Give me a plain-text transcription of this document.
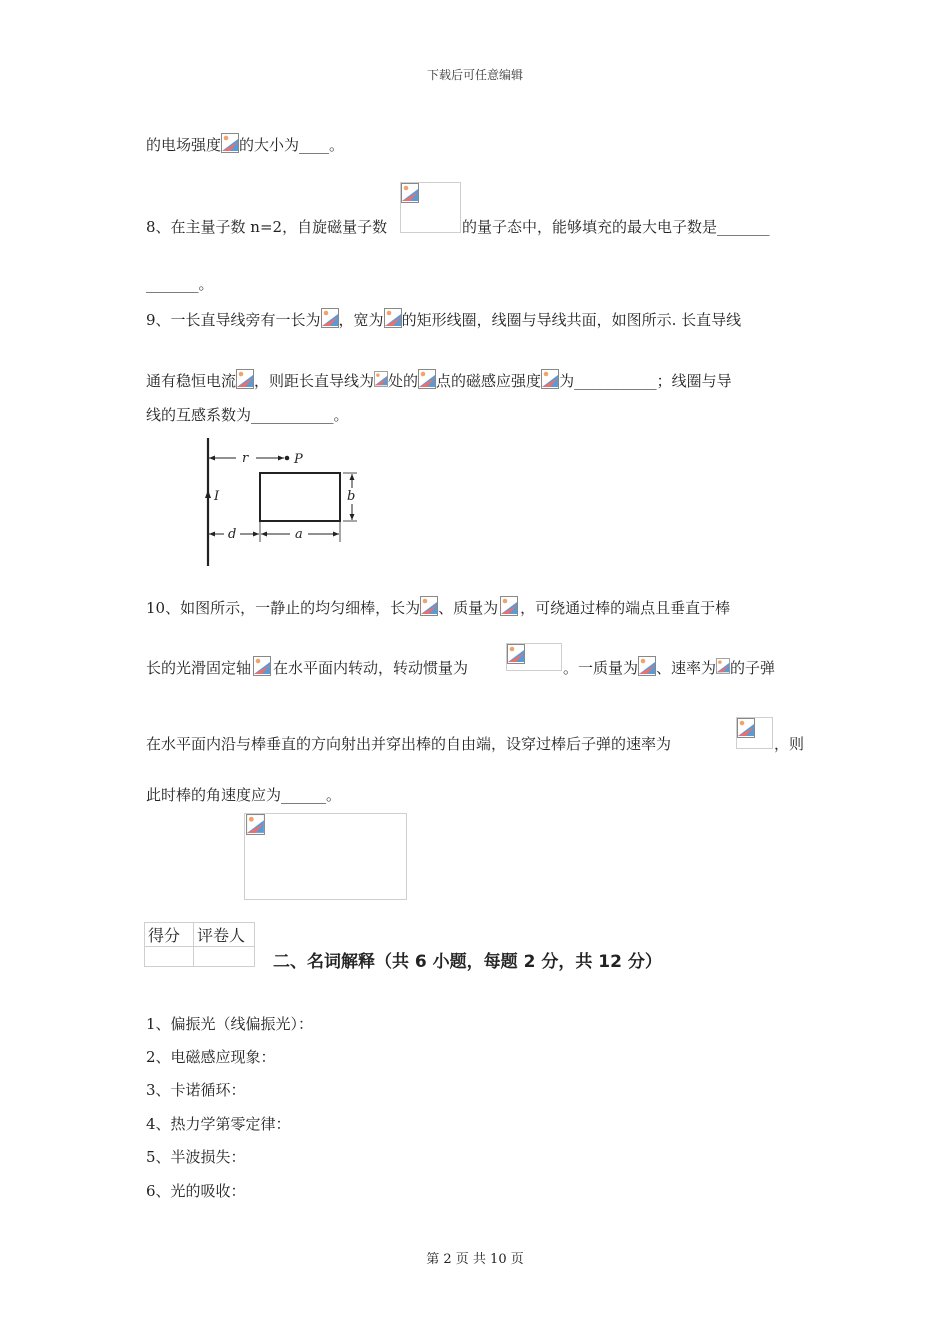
下载后可任意编辑
的电场强度 的大小为____。
8、在主量子数 n=2，自旋磁量子数	的量子态中，能够填充的最大电子数是_______
_______。
9、一长直导线旁有一长为 ，宽为 的矩形线圈，线圈与导线共面，如图所示. 长直导线
通有稳恒电流 ，则距长直导线为 处的 点的磁感应强度 为___________；线圈与导
线的互感系数为___________。
r	P
I	b
d	a
10、如图所示，一静止的均匀细棒，长为 、质量为 ，可绕通过棒的端点且垂直于棒
长的光滑固定轴 在水平面内转动，转动惯量为	。一质量为 、速率为 的子弹
在水平面内沿与棒垂直的方向射出并穿出棒的自由端，设穿过棒后子弹的速率为	，则
此时棒的角速度应为______。
得分	评卷人

二、名词解释（共 6 小题，每题 2 分，共 12 分）
1、偏振光（线偏振光）：
2、电磁感应现象：
3、卡诺循环：
4、热力学第零定律：
5、半波损失：
6、光的吸收：
第 2 页 共 10 页
